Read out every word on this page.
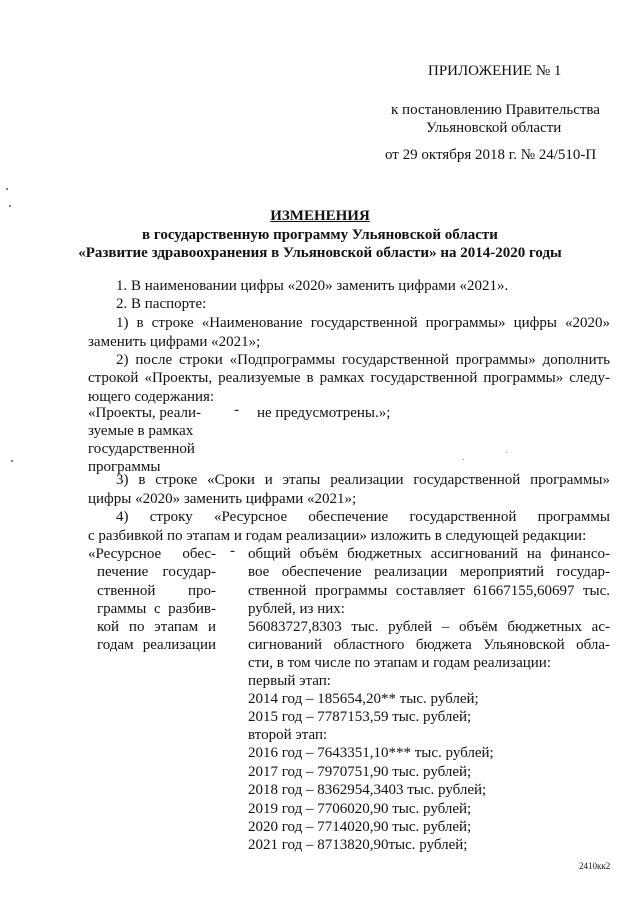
ПРИЛОЖЕНИЕ № 1
к постановлению Правительства
Ульяновской области
от 29 октября 2018 г. № 24/510-П
ИЗМЕНЕНИЯ
в государственную программу Ульяновской области
«Развитие здравоохранения в Ульяновской области» на 2014-2020 годы
1. В наименовании цифры «2020» заменить цифрами «2021».
2. В паспорте:
1) в строке «Наименование государственной программы» цифры «2020»
заменить цифрами «2021»;
2) после строки «Подпрограммы государственной программы» дополнить
строкой «Проекты, реализуемые в рамках государственной программы» следу-
ющего содержания:
«Проекты, реали-
зуемые в рамках
государственной
программы
- не предусмотрены.»;
3) в строке «Сроки и этапы реализации государственной программы»
цифры «2020» заменить цифрами «2021»;
4) строку «Ресурсное обеспечение государственной программы
с разбивкой по этапам и годам реализации» изложить в следующей редакции:
«Ресурсное обес-
печение государ-
ственной про-
граммы с разбив-
кой по этапам и
годам реализации
- общий объём бюджетных ассигнований на финансо-
вое обеспечение реализации мероприятий государ-
ственной программы составляет 61667155,60697 тыс.
рублей, из них:
56083727,8303 тыс. рублей – объём бюджетных ас-
сигнований областного бюджета Ульяновской обла-
сти, в том числе по этапам и годам реализации:
первый этап:
2014 год – 185654,20** тыс. рублей;
2015 год – 7787153,59 тыс. рублей;
второй этап:
2016 год – 7643351,10*** тыс. рублей;
2017 год – 7970751,90 тыс. рублей;
2018 год – 8362954,3403 тыс. рублей;
2019 год – 7706020,90 тыс. рублей;
2020 год – 7714020,90 тыс. рублей;
2021 год – 8713820,90тыс. рублей;
2410кк2
